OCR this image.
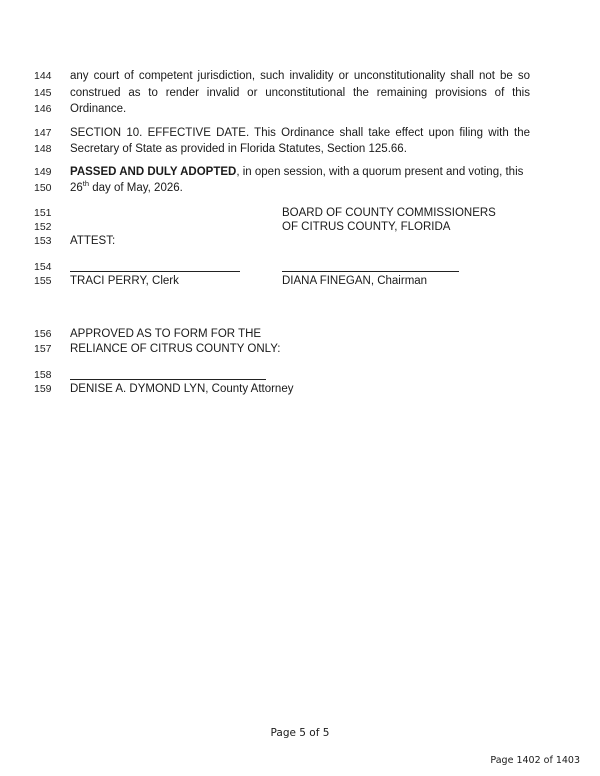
144
145
146
147
148
149
150
151
152
153
154
155
156
157
158
159
any court of competent jurisdiction, such invalidity or unconstitutionality shall not be so
construed as to render invalid or unconstitutional the remaining provisions of this
Ordinance.
SECTION 10. EFFECTIVE DATE. This Ordinance shall take effect upon filing with the
Secretary of State as provided in Florida Statutes, Section 125.66.
PASSED AND DULY ADOPTED, in open session, with a quorum present and voting, this
26th day of May, 2026.
BOARD OF COUNTY COMMISSIONERS
OF CITRUS COUNTY, FLORIDA
ATTEST:
TRACI PERRY, Clerk	DIANA FINEGAN, Chairman
APPROVED AS TO FORM FOR THE
RELIANCE OF CITRUS COUNTY ONLY:
DENISE A. DYMOND LYN, County Attorney
Page 5 of 5
Page 1402 of 1403
